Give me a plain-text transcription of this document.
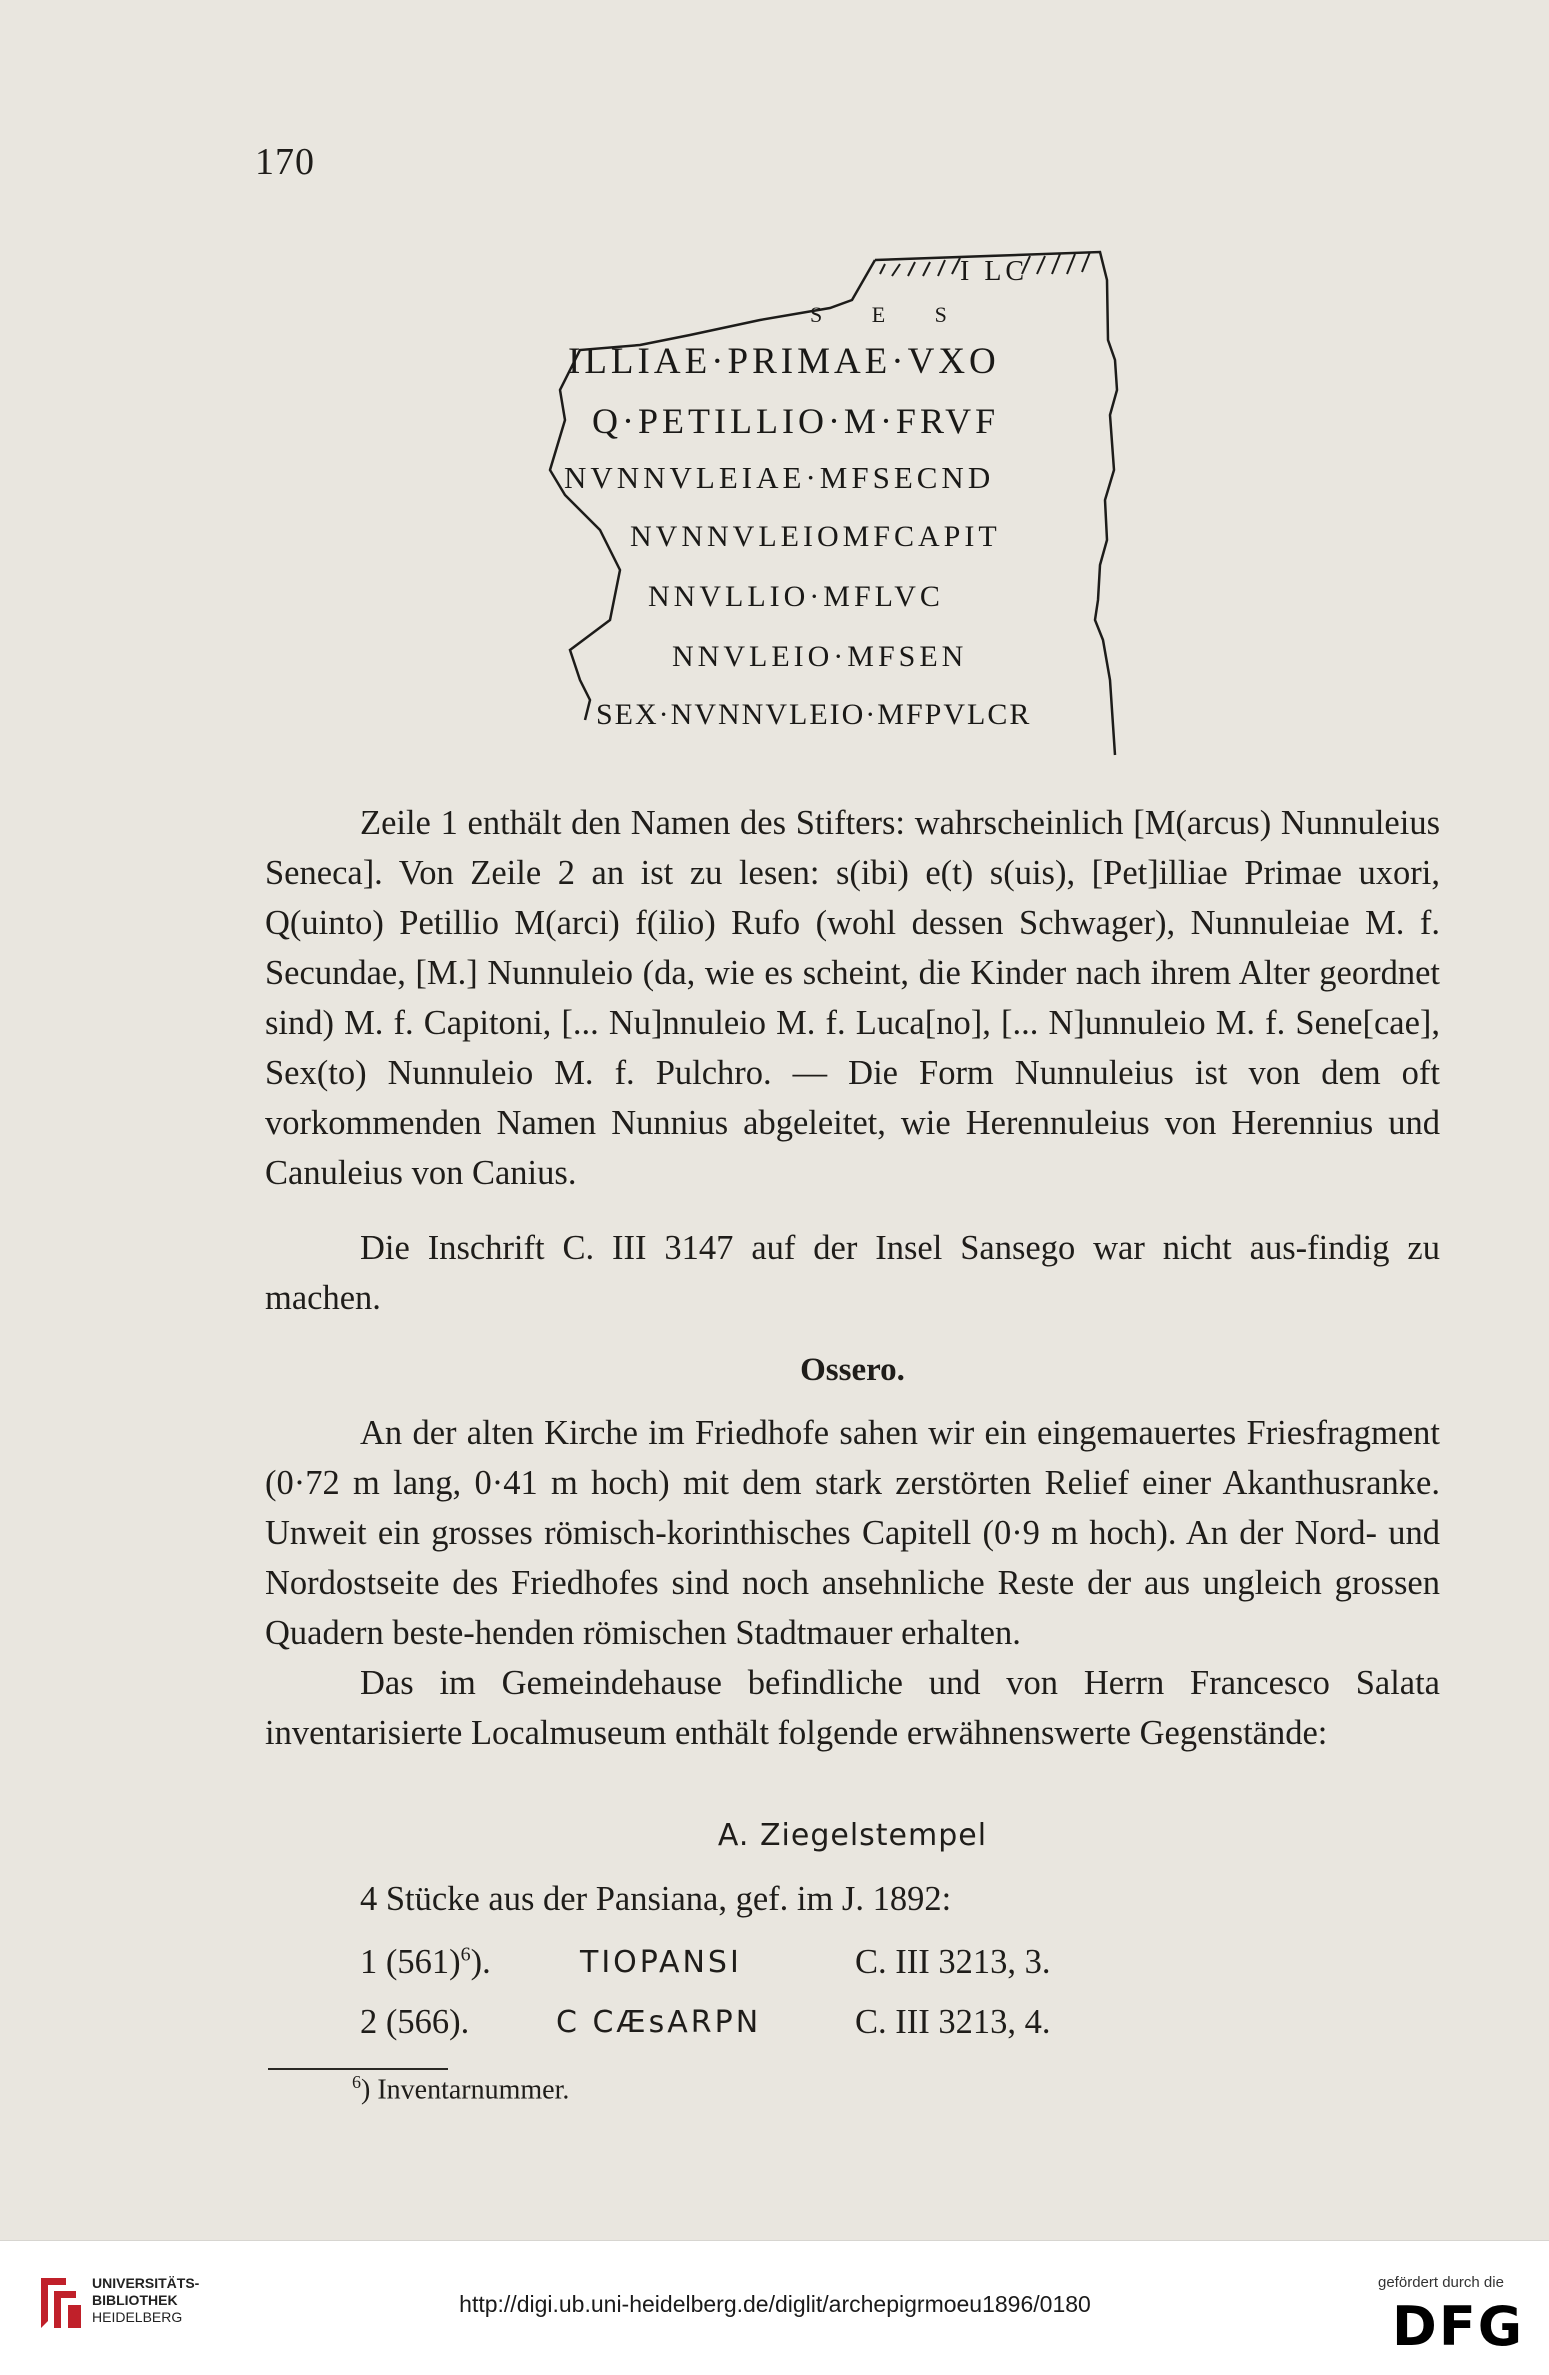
170
I LC
S E S
ILLIAE·PRIMAE·VXO
Q·PETILLIO·M·FRVF
NVNNVLEIAE·MFSECND
NVNNVLEIOMFCAPIT
NNVLLIO·MFLVC
NNVLEIO·MFSEN
SEX·NVNNVLEIO·MFPVLCR

Zeile 1 enthält den Namen des Stifters: wahrscheinlich [M(arcus) Nunnuleius Seneca]. Von Zeile 2 an ist zu lesen: s(ibi) e(t) s(uis), [Pet]illiae Primae uxori, Q(uinto) Petillio M(arci) f(ilio) Rufo (wohl dessen Schwager), Nunnuleiae M. f. Secundae, [M.] Nunnuleio (da, wie es scheint, die Kinder nach ihrem Alter geordnet sind) M. f. Capitoni, [... Nu]nnuleio M. f. Luca[no], [... N]unnuleio M. f. Sene[cae], Sex(to) Nunnuleio M. f. Pulchro. — Die Form Nunnuleius ist von dem oft vorkommenden Namen Nunnius abgeleitet, wie Herennuleius von Herennius und Canuleius von Canius.

Die Inschrift C. III 3147 auf der Insel Sansego war nicht aus-findig zu machen.

Ossero.

An der alten Kirche im Friedhofe sahen wir ein eingemauertes Friesfragment (0·72 m lang, 0·41 m hoch) mit dem stark zerstörten Relief einer Akanthusranke. Unweit ein grosses römisch-korinthisches Capitell (0·9 m hoch). An der Nord- und Nordostseite des Friedhofes sind noch ansehnliche Reste der aus ungleich grossen Quadern beste-henden römischen Stadtmauer erhalten.

Das im Gemeindehause befindliche und von Herrn Francesco Salata inventarisierte Localmuseum enthält folgende erwähnenswerte Gegenstände:

A. Ziegelstempel
4 Stücke aus der Pansiana, gef. im J. 1892:
1 $(561)^6$).	TIOPANSI	C. III 3213, 3.
2 (566).	C CÆsARPN	C. III 3213, 4.
$^6$) Inventarnummer.
UNIVERSITÄTS-
BIBLIOTHEK
HEIDELBERG	http://digi.ub.uni-heidelberg.de/diglit/archepigrmoeu1896/0180
gefördert durch die
DFG
